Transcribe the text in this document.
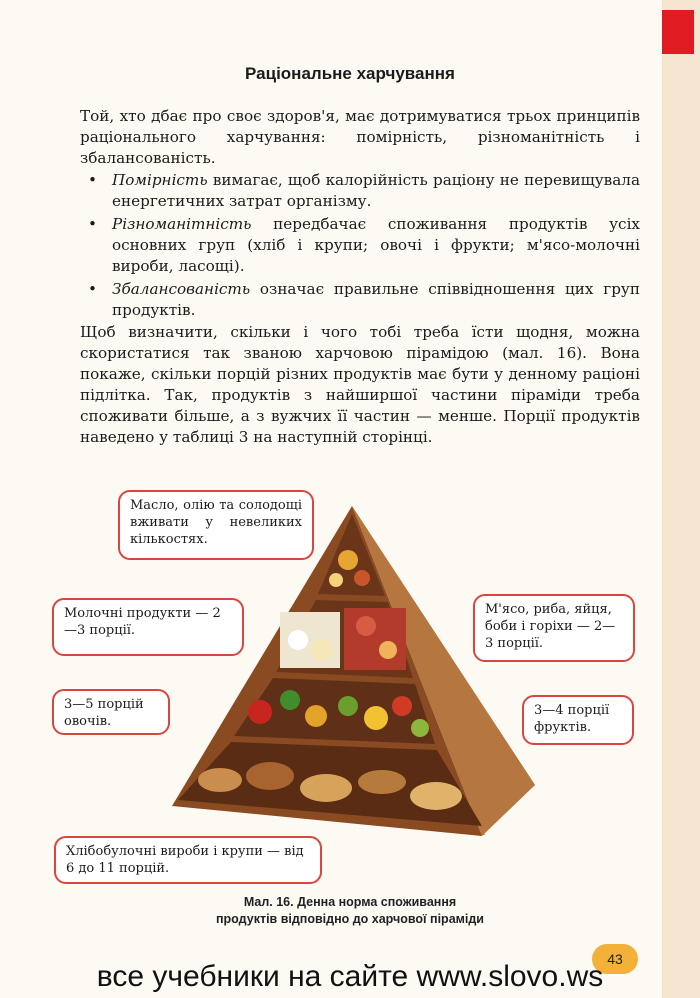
Раціональне харчування

Той, хто дбає про своє здоров'я, має дотримуватися трьох принципів раціонального харчування: помірність, різноманітність і збалансованість.

• Помірність вимагає, щоб калорійність раціону не перевищувала енергетичних затрат організму.
• Різноманітність передбачає споживання продуктів усіх основних груп (хліб і крупи; овочі і фрукти; м'ясо-молочні вироби, ласощі).
• Збалансованість означає правильне співвідношення цих груп продуктів.

Щоб визначити, скільки і чого тобі треба їсти щодня, можна скористатися так званою харчовою пірамідою (мал. 16). Вона покаже, скільки порцій різних продуктів має бути у денному раціоні підлітка. Так, продуктів з найширшої частини піраміди треба споживати більше, а з вужчих її частин — менше. Порції продуктів наведено у таблиці 3 на наступній сторінці.

Масло, олію та солодощі вживати у невеликих кількостях.
Молочні продукти — 2—3 порції.
М'ясо, риба, яйця, боби і горіхи — 2—3 порції.
3—5 порцій овочів.
3—4 порції фруктів.
Хлібобулочні вироби і крупи — від 6 до 11 порцій.
Мал. 16. Денна норма споживання
продуктів відповідно до харчової піраміди
43
все учебники на сайте www.slovo.ws
